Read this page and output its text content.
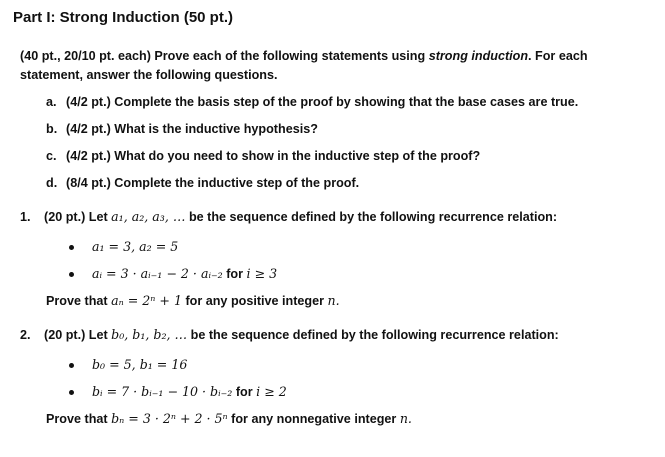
Part I: Strong Induction (50 pt.)
(40 pt., 20/10 pt. each) Prove each of the following statements using strong induction. For each
statement, answer the following questions.
a. (4/2 pt.) Complete the basis step of the proof by showing that the base cases are true.
b. (4/2 pt.) What is the inductive hypothesis?
c. (4/2 pt.) What do you need to show in the inductive step of the proof?
d. (8/4 pt.) Complete the inductive step of the proof.
1. (20 pt.) Let a₁, a₂, a₃, … be the sequence defined by the following recurrence relation:
a₁ = 3, a₂ = 5
aᵢ = 3 · aᵢ₋₁ − 2 · aᵢ₋₂ for i ≥ 3
Prove that aₙ = 2ⁿ + 1 for any positive integer n.
2. (20 pt.) Let b₀, b₁, b₂, … be the sequence defined by the following recurrence relation:
b₀ = 5, b₁ = 16
bᵢ = 7 · bᵢ₋₁ − 10 · bᵢ₋₂ for i ≥ 2
Prove that bₙ = 3 · 2ⁿ + 2 · 5ⁿ for any nonnegative integer n.
